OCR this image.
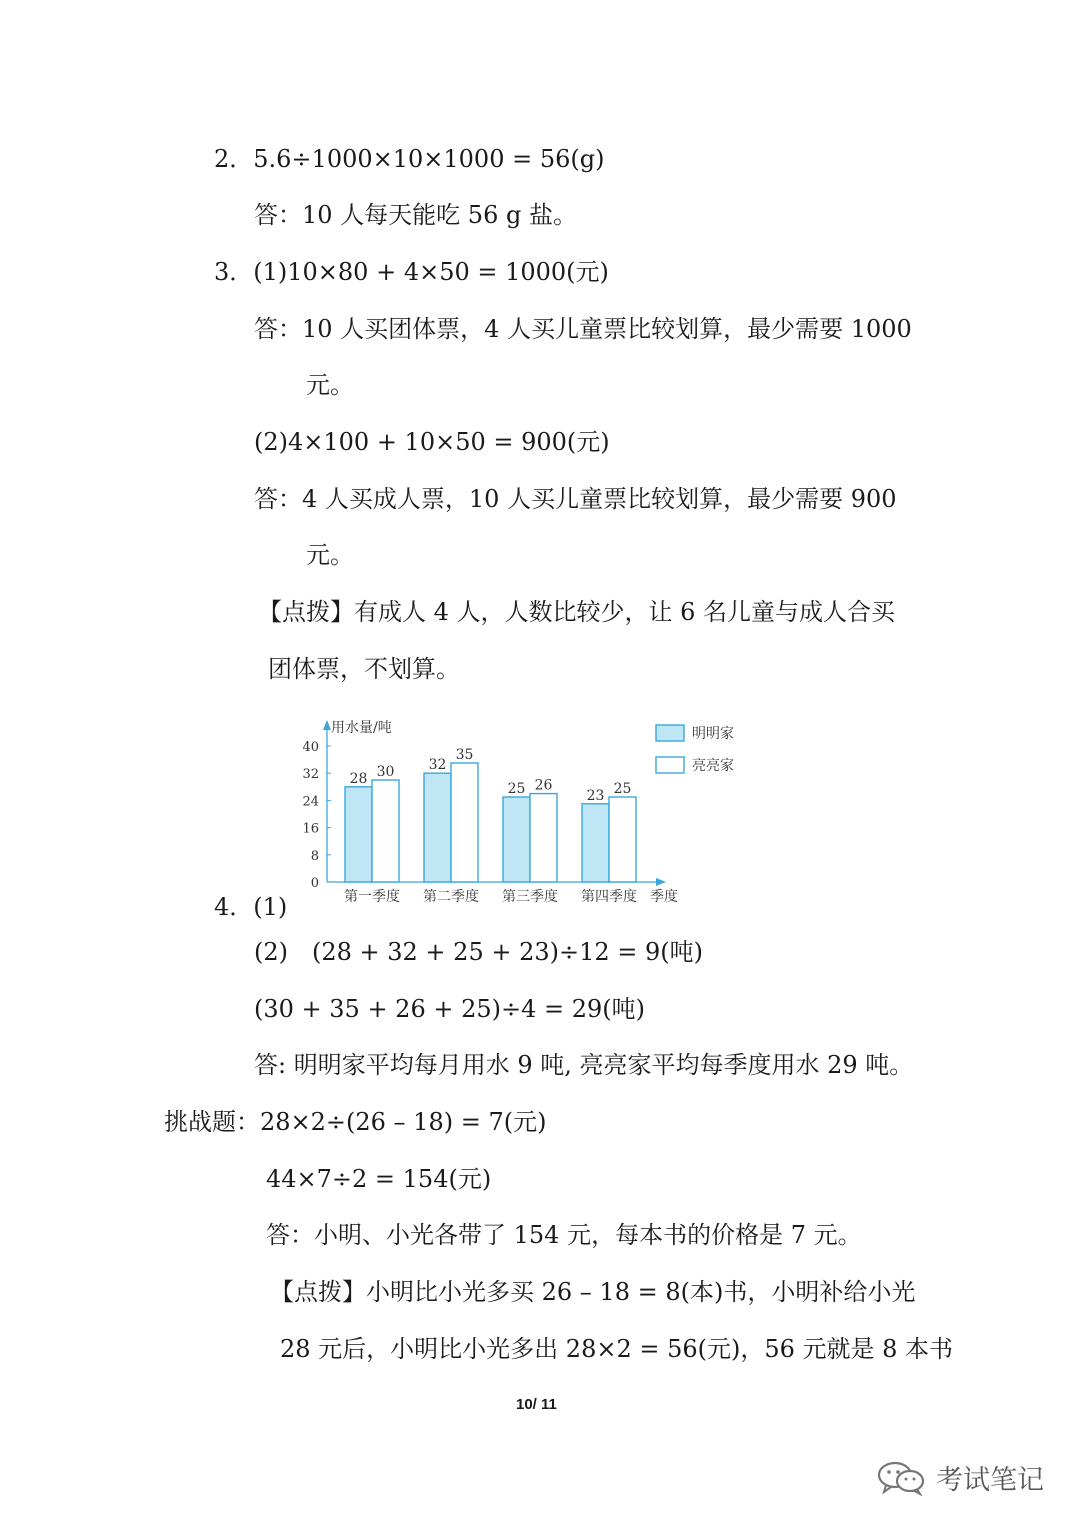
2．5.6÷1000×10×1000 = 56(g)
答：10 人每天能吃 56 g 盐。
3．(1)10×80 + 4×50 = 1000(元)
答：10 人买团体票，4 人买儿童票比较划算，最少需要 1000
元。
(2)4×100 + 10×50 = 900(元)
答：4 人买成人票，10 人买儿童票比较划算，最少需要 900
元。
【点拨】有成人 4 人，人数比较少，让 6 名儿童与成人合买
团体票，不划算。
用水量/吨
季度
0
8
16
24
32
40
28 30
第一季度
32
35
第二季度
25 26
第三季度
23 25
第四季度
明明家
亮亮家
4．(1)
(2)　(28 + 32 + 25 + 23)÷12 = 9(吨)
(30 + 35 + 26 + 25)÷4 = 29(吨)
答: 明明家平均每月用水 9 吨, 亮亮家平均每季度用水 29 吨。
挑战题：28×2÷(26 – 18) = 7(元)
44×7÷2 = 154(元)
答：小明、小光各带了 154 元，每本书的价格是 7 元。
【点拨】小明比小光多买 26 – 18 = 8(本)书，小明补给小光
28 元后，小明比小光多出 28×2 = 56(元)，56 元就是 8 本书
10/ 11
考试笔记
